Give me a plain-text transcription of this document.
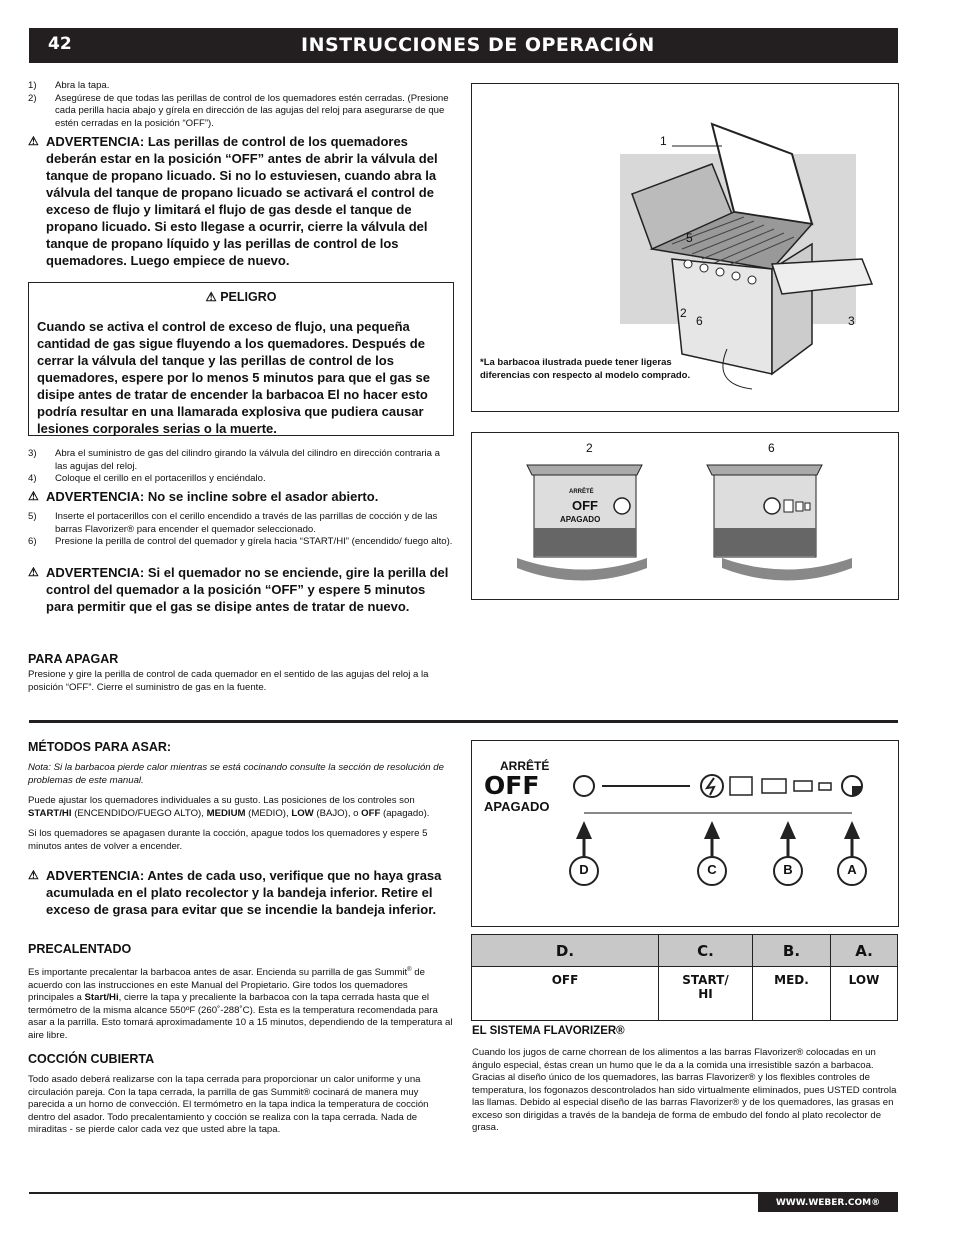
42	INSTRUCCIONES DE OPERACIÓN
1)	Abra la tapa.
2)	Asegúrese de que todas las perillas de control de los quemadores estén cerradas. (Presione cada perilla hacia abajo y gírela en dirección de las agujas del reloj para asegurarse de que estén cerradas en la posición “OFF”).
⚠ ADVERTENCIA: Las perillas de control de los quemadores deberán estar en la posición “OFF” antes de abrir la válvula del tanque de propano licuado. Si no lo estuviesen, cuando abra la válvula del tanque de propano licuado se activará el control de exceso de flujo y limitará el flujo de gas desde el tanque de propano licuado. Si esto llegase a ocurrir, cierre la válvula del tanque de propano líquido y las perillas de control de los quemadores. Luego empiece de nuevo.
⚠ PELIGRO
Cuando se activa el control de exceso de flujo, una pequeña cantidad de gas sigue fluyendo a los quemadores. Después de cerrar la válvula del tanque y las perillas de control de los quemadores, espere por lo menos 5 minutos para que el gas se disipe antes de tratar de encender la barbacoa El no hacer esto podría resultar en una llamarada explosiva que pudiera causar lesiones corporales serias o la muerte.
3)	Abra el suministro de gas del cilindro girando la válvula del cilindro en dirección contraria a las agujas del reloj.
4)	Coloque el cerillo en el portacerillos y enciéndalo.
⚠ ADVERTENCIA: No se incline sobre el asador abierto.
5)	Inserte el portacerillos con el cerillo encendido a través de las parrillas de cocción y de las barras Flavorizer® para encender el quemador seleccionado.
6)	Presione la perilla de control del quemador y gírela hacia “START/HI” (encendido/ fuego alto).
⚠ ADVERTENCIA: Si el quemador no se enciende, gire la perilla del control del quemador a la posición “OFF” y espere 5 minutos para permitir que el gas se disipe antes de tratar de nuevo.

PARA APAGAR

Presione y gire la perilla de control de cada quemador en el sentido de las agujas del reloj a la posición “OFF”. Cierre el suministro de gas en la fuente.

1
5
2
6	3
*La barbacoa ilustrada puede tener ligeras diferencias con respecto al modelo comprado.
2	6
ARRÊTÉ
OFF
APAGADO

MÉTODOS PARA ASAR:

Nota: Si la barbacoa pierde calor mientras se está cocinando consulte la sección de resolución de problemas de este manual.

Puede ajustar los quemadores individuales a su gusto. Las posiciones de los controles son START/HI (ENCENDIDO/FUEGO ALTO), MEDIUM (MEDIO), LOW (BAJO), o OFF (apagado).

Si los quemadores se apagasen durante la cocción, apague todos los quemadores y espere 5 minutos antes de volver a encender.

⚠ ADVERTENCIA: Antes de cada uso, verifique que no haya grasa acumulada en el plato recolector y la bandeja inferior. Retire el exceso de grasa para evitar que se incendie la bandeja inferior.

PRECALENTADO

Es importante precalentar la barbacoa antes de asar. Encienda su parrilla de gas Summit® de acuerdo con las instrucciones en este Manual del Propietario. Gire todos los quemadores principales a Start/Hi, cierre la tapa y precaliente la barbacoa con la tapa cerrada hasta que el termómetro de la misma alcance 550ºF (260˚-288˚C). Esta es la temperatura recomendada para asar a la parrilla. Esto tomará aproximadamente 10 a 15 minutos, dependiendo de la temperatura al aire libre.

COCCIÓN CUBIERTA

Todo asado deberá realizarse con la tapa cerrada para proporcionar un calor uniforme y una circulación pareja. Con la tapa cerrada, la parrilla de gas Summit® cocinará de manera muy parecida a un horno de convección. El termómetro en la tapa indica la temperatura de cocción dentro del asador. Todo precalentamiento y cocción se realiza con la tapa cerrada. Nada de miraditas - se pierde calor cada vez que usted abre la tapa.

ARRÊTÉ
OFF
APAGADO
D	C	B	A
D.	C.	B.	A.
OFF	START/ HI	MED.	LOW

EL SISTEMA FLAVORIZER®

Cuando los jugos de carne chorrean de los alimentos a las barras Flavorizer® colocadas en un ángulo especial, éstas crean un humo que le da a la comida una irresistible sazón a barbacoa. Gracias al diseño único de los quemadores, las barras Flavorizer® y los flexibles controles de temperatura, los fogonazos descontrolados han sido virtualmente eliminados, pues USTED controla las llamas. Debido al especial diseño de las barras Flavorizer® y de los quemadores, las grasas en exceso son dirigidas a través de la bandeja de forma de embudo del fondo al plato recolector de grasa.

WWW.WEBER.COM®
